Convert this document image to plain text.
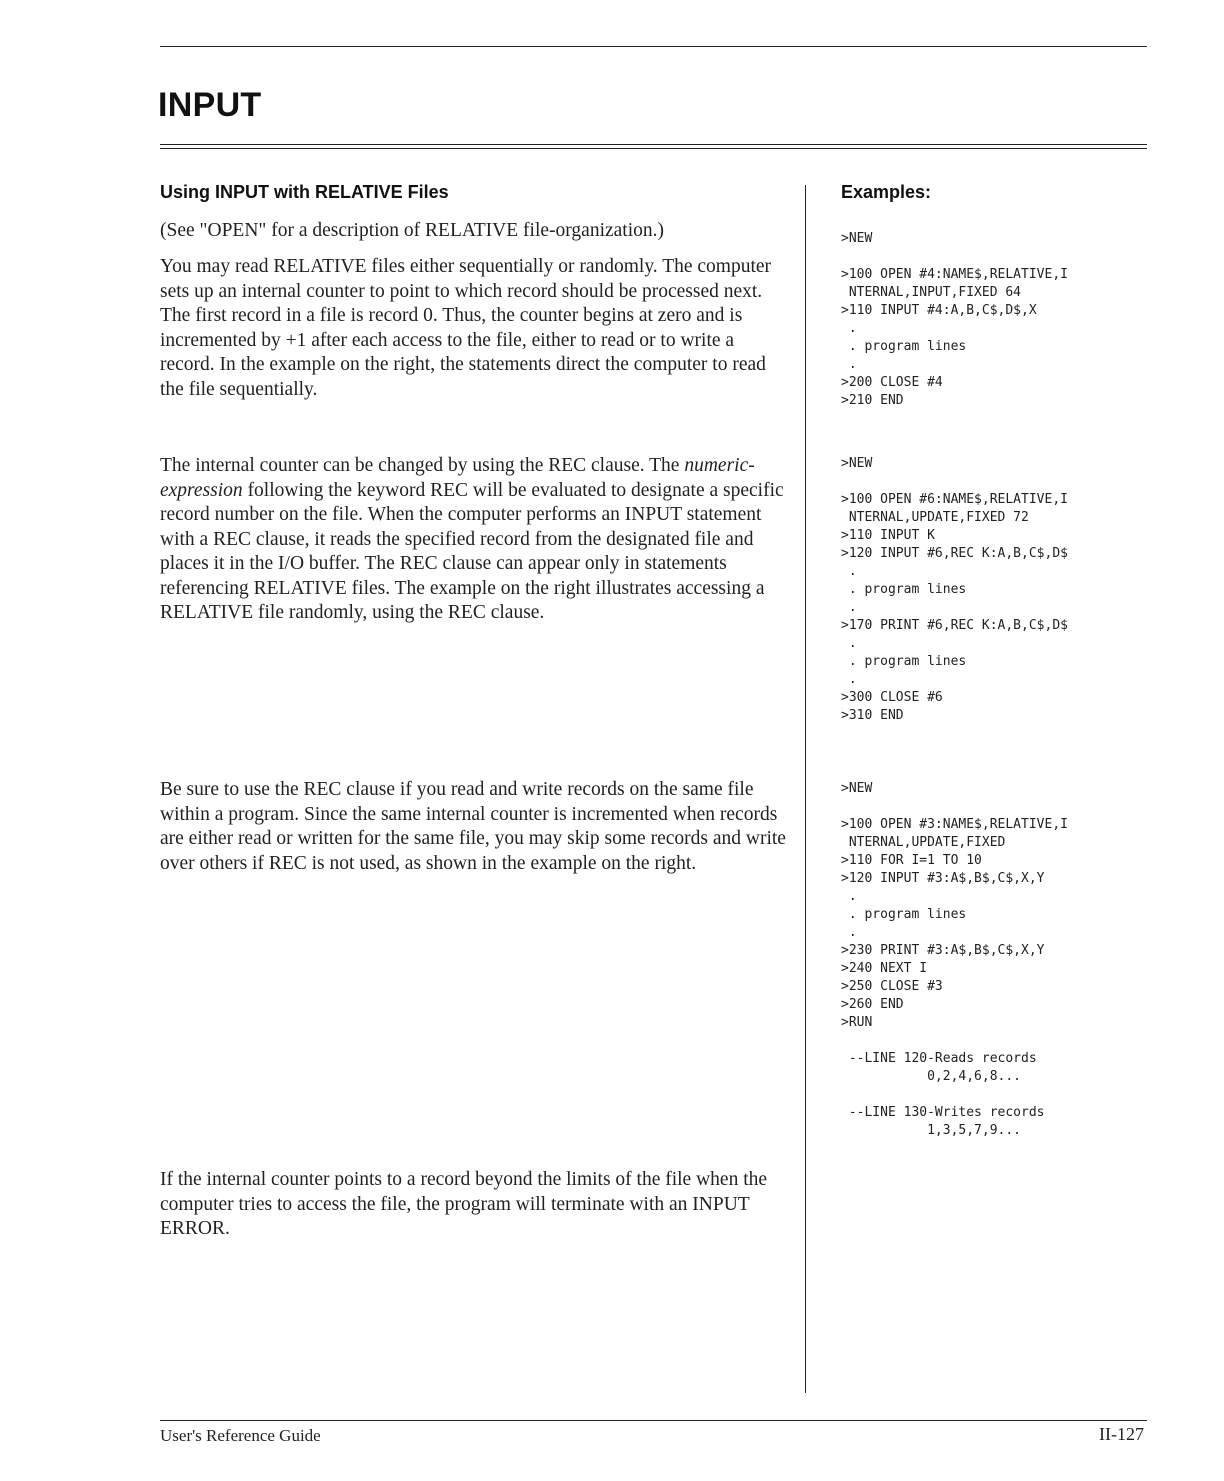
INPUT
Using INPUT with RELATIVE Files

(See "OPEN" for a description of RELATIVE file-organization.)

You may read RELATIVE files either sequentially or randomly. The computer sets up an internal counter to point to which record should be processed next. The first record in a file is record 0. Thus, the counter begins at zero and is incremented by +1 after each access to the file, either to read or to write a record. In the example on the right, the statements direct the computer to read the file sequentially.

The internal counter can be changed by using the REC clause. The numeric-expression following the keyword REC will be evaluated to designate a specific record number on the file. When the computer performs an INPUT statement with a REC clause, it reads the specified record from the designated file and places it in the I/O buffer. The REC clause can appear only in statements referencing RELATIVE files. The example on the right illustrates accessing a RELATIVE file randomly, using the REC clause.

Be sure to use the REC clause if you read and write records on the same file within a program. Since the same internal counter is incremented when records are either read or written for the same file, you may skip some records and write over others if REC is not used, as shown in the example on the right.

If the internal counter points to a record beyond the limits of the file when the computer tries to access the file, the program will terminate with an INPUT ERROR.

Examples:
>NEW

>100 OPEN #4:NAME$,RELATIVE,I
NTERNAL,INPUT,FIXED 64
>110 INPUT #4:A,B,C$,D$,X
.
. program lines
.
>200 CLOSE #4
>210 END
>NEW

>100 OPEN #6:NAME$,RELATIVE,I
NTERNAL,UPDATE,FIXED 72
>110 INPUT K
>120 INPUT #6,REC K:A,B,C$,D$
.
. program lines
.
>170 PRINT #6,REC K:A,B,C$,D$
.
. program lines
.
>300 CLOSE #6
>310 END
>NEW

>100 OPEN #3:NAME$,RELATIVE,I
NTERNAL,UPDATE,FIXED
>110 FOR I=1 TO 10
>120 INPUT #3:A$,B$,C$,X,Y
.
. program lines
.
>230 PRINT #3:A$,B$,C$,X,Y
>240 NEXT I
>250 CLOSE #3
>260 END
>RUN

--LINE 120-Reads records
0,2,4,6,8...

--LINE 130-Writes records
1,3,5,7,9...
User's Reference Guide	II-127
